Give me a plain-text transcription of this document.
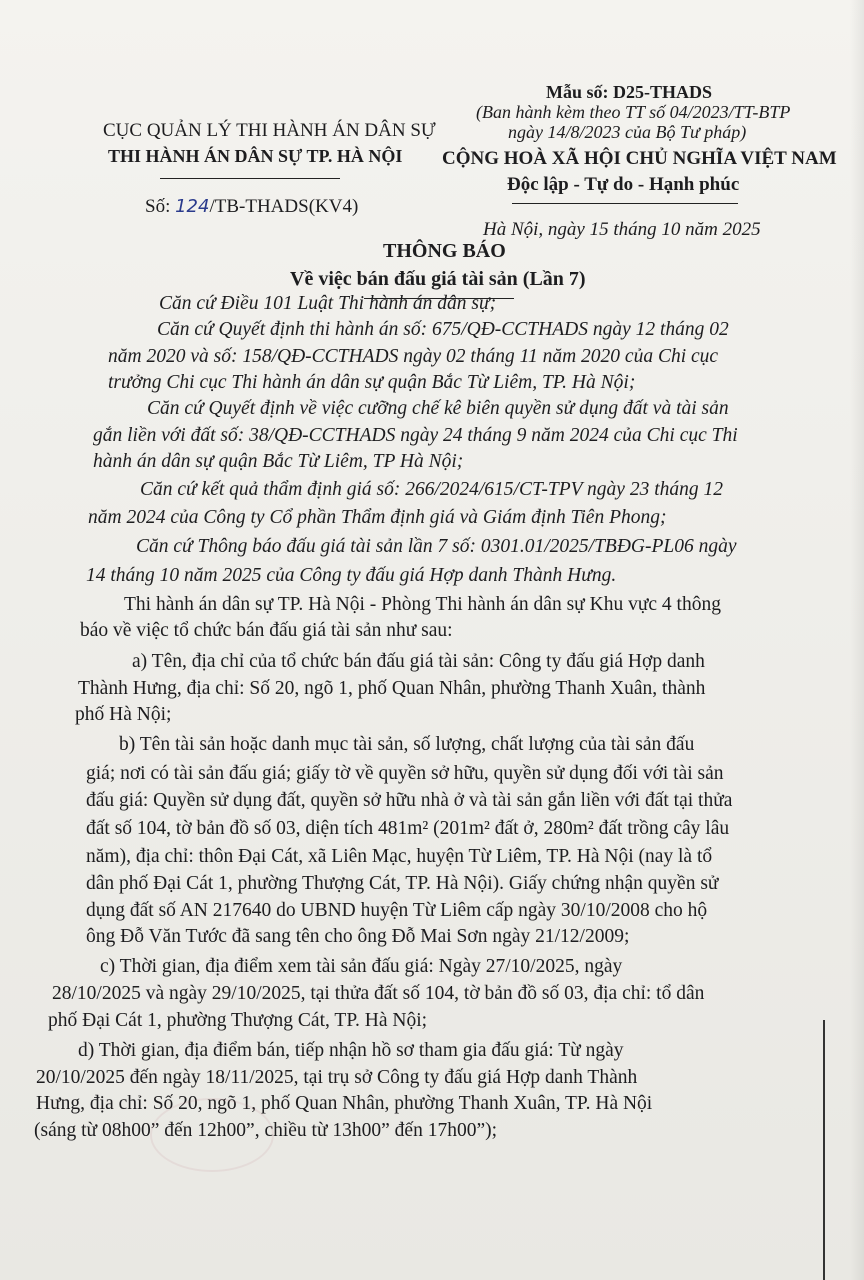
Mẫu số: D25-THADS
(Ban hành kèm theo TT số 04/2023/TT-BTP
ngày 14/8/2023 của Bộ Tư pháp)
CỤC QUẢN LÝ THI HÀNH ÁN DÂN SỰ
THI HÀNH ÁN DÂN SỰ TP. HÀ NỘI CỘNG HOÀ XÃ HỘI CHỦ NGHĨA VIỆT NAM
Độc lập - Tự do - Hạnh phúc
Số: 124/TB-THADS(KV4)
Hà Nội, ngày 15 tháng 10 năm 2025
THÔNG BÁO
Về việc bán đấu giá tài sản (Lần 7)
Căn cứ Điều 101 Luật Thi hành án dân sự;
Căn cứ Quyết định thi hành án số: 675/QĐ-CCTHADS ngày 12 tháng 02
năm 2020 và số: 158/QĐ-CCTHADS ngày 02 tháng 11 năm 2020 của Chi cục
trưởng Chi cục Thi hành án dân sự quận Bắc Từ Liêm, TP. Hà Nội;
Căn cứ Quyết định về việc cưỡng chế kê biên quyền sử dụng đất và tài sản
gắn liền với đất số: 38/QĐ-CCTHADS ngày 24 tháng 9 năm 2024 của Chi cục Thi
hành án dân sự quận Bắc Từ Liêm, TP Hà Nội;
Căn cứ kết quả thẩm định giá số: 266/2024/615/CT-TPV ngày 23 tháng 12
năm 2024 của Công ty Cổ phần Thẩm định giá và Giám định Tiên Phong;
Căn cứ Thông báo đấu giá tài sản lần 7 số: 0301.01/2025/TBĐG-PL06 ngày
14 tháng 10 năm 2025 của Công ty đấu giá Hợp danh Thành Hưng.
Thi hành án dân sự TP. Hà Nội - Phòng Thi hành án dân sự Khu vực 4 thông
báo về việc tổ chức bán đấu giá tài sản như sau:
a) Tên, địa chỉ của tổ chức bán đấu giá tài sản: Công ty đấu giá Hợp danh
Thành Hưng, địa chỉ: Số 20, ngõ 1, phố Quan Nhân, phường Thanh Xuân, thành
phố Hà Nội;
b) Tên tài sản hoặc danh mục tài sản, số lượng, chất lượng của tài sản đấu
giá; nơi có tài sản đấu giá; giấy tờ về quyền sở hữu, quyền sử dụng đối với tài sản
đấu giá: Quyền sử dụng đất, quyền sở hữu nhà ở và tài sản gắn liền với đất tại thửa
đất số 104, tờ bản đồ số 03, diện tích 481m² (201m² đất ở, 280m² đất trồng cây lâu
năm), địa chỉ: thôn Đại Cát, xã Liên Mạc, huyện Từ Liêm, TP. Hà Nội (nay là tổ
dân phố Đại Cát 1, phường Thượng Cát, TP. Hà Nội). Giấy chứng nhận quyền sử
dụng đất số AN 217640 do UBND huyện Từ Liêm cấp ngày 30/10/2008 cho hộ
ông Đỗ Văn Tước đã sang tên cho ông Đỗ Mai Sơn ngày 21/12/2009;
c) Thời gian, địa điểm xem tài sản đấu giá: Ngày 27/10/2025, ngày
28/10/2025 và ngày 29/10/2025, tại thửa đất số 104, tờ bản đồ số 03, địa chỉ: tổ dân
phố Đại Cát 1, phường Thượng Cát, TP. Hà Nội;
d) Thời gian, địa điểm bán, tiếp nhận hồ sơ tham gia đấu giá: Từ ngày
20/10/2025 đến ngày 18/11/2025, tại trụ sở Công ty đấu giá Hợp danh Thành
Hưng, địa chỉ: Số 20, ngõ 1, phố Quan Nhân, phường Thanh Xuân, TP. Hà Nội
(sáng từ 08h00” đến 12h00”, chiều từ 13h00” đến 17h00”);
